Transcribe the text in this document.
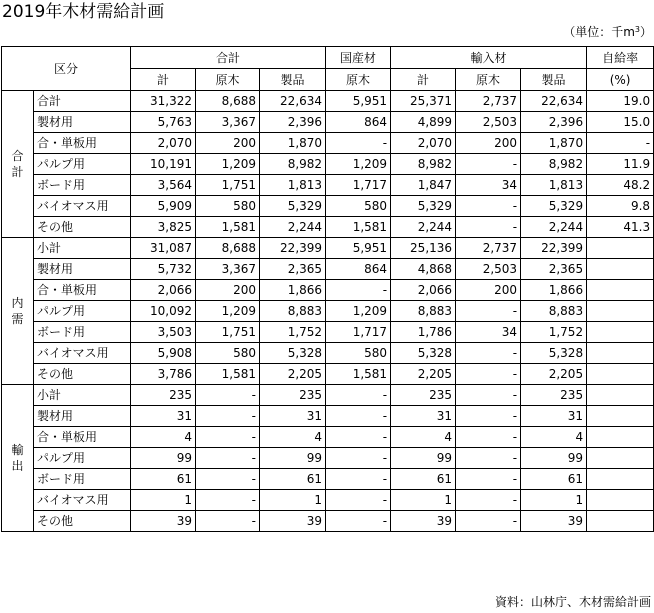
2019年木材需給計画
（単位：千$m^3$）
区分		合計			国産材	輸入材			自給率
		計	原木	製品	原木	計	原木	製品	(%)
合計	合計	31,322	8,688	22,634	5,951	25,371	2,737	22,634	19.0
	製材用	5,763	3,367	2,396	864	4,899	2,503	2,396	15.0
	合・単板用	2,070	200	1,870	-	2,070	200	1,870	-
	パルプ用	10,191	1,209	8,982	1,209	8,982	-	8,982	11.9
	ボード用	3,564	1,751	1,813	1,717	1,847	34	1,813	48.2
	バイオマス用	5,909	580	5,329	580	5,329	-	5,329	9.8
	その他	3,825	1,581	2,244	1,581	2,244	-	2,244	41.3
内需	小計	31,087	8,688	22,399	5,951	25,136	2,737	22,399	
	製材用	5,732	3,367	2,365	864	4,868	2,503	2,365	
	合・単板用	2,066	200	1,866	-	2,066	200	1,866	
	パルプ用	10,092	1,209	8,883	1,209	8,883	-	8,883	
	ボード用	3,503	1,751	1,752	1,717	1,786	34	1,752	
	バイオマス用	5,908	580	5,328	580	5,328	-	5,328	
	その他	3,786	1,581	2,205	1,581	2,205	-	2,205	
輸出	小計	235	-	235	-	235	-	235	
	製材用	31	-	31	-	31	-	31	
	合・単板用	4	-	4	-	4	-	4	
	パルプ用	99	-	99	-	99	-	99	
	ボード用	61	-	61	-	61	-	61	
	バイオマス用	1	-	1	-	1	-	1	
	その他	39	-	39	-	39	-	39	
資料：山林庁、木材需給計画
